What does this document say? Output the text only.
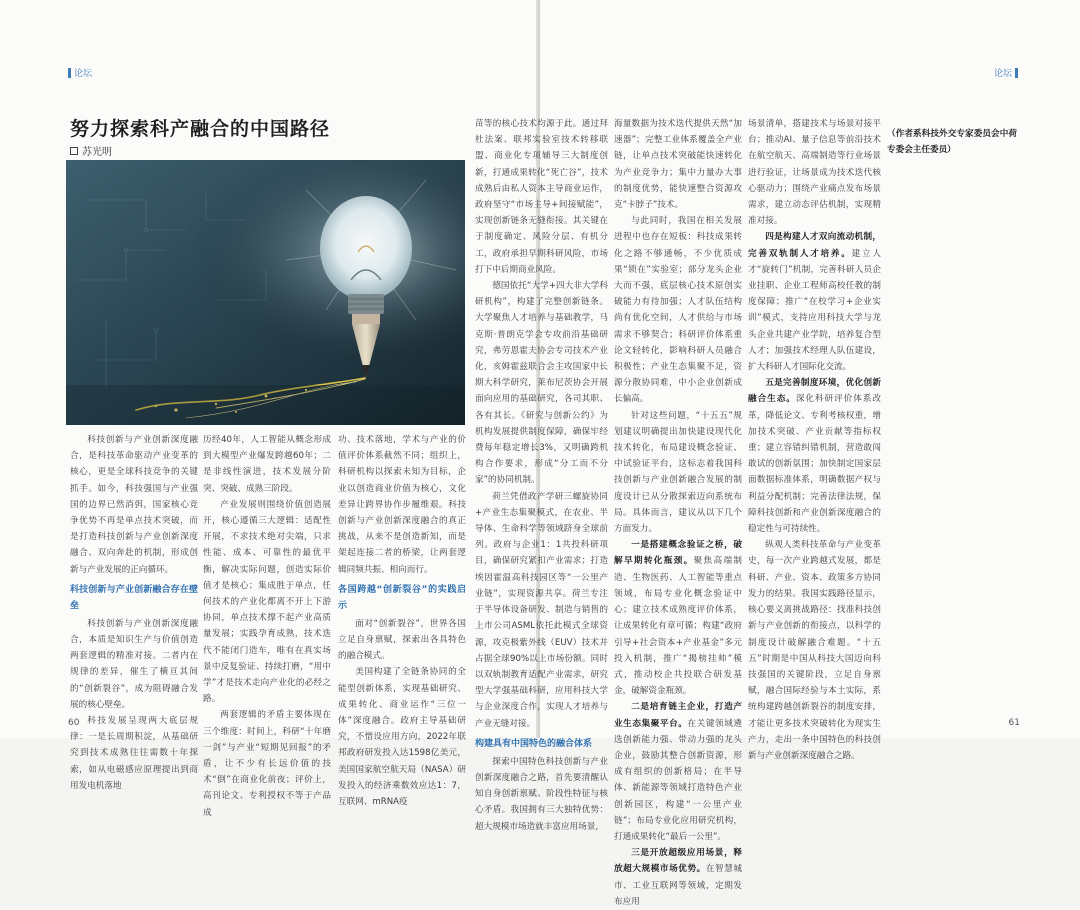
论坛
努力探索科产融合的中国路径
苏光明

科技创新与产业创新深度融合，是科技革命驱动产业变革的核心，更是全球科技竞争的关键抓手。如今，科技强国与产业强国的边界已然消弭，国家核心竞争优势不再是单点技术突破，而是打造科技创新与产业创新深度融合、双向奔赴的机制，形成创新与产业发展的正向循环。

科技创新与产业创新融合存在壁垒

科技创新与产业创新深度融合，本质是知识生产与价值创造两套逻辑的精准对接。二者内在规律的差异，催生了横亘其间的“创新裂谷”，成为阻碍融合发展的核心壁垒。

科技发展呈现两大底层规律：一是长周期积淀，从基础研究到技术成熟往往需数十年探索，如从电磁感应原理提出到商用发电机落地

历经40年，人工智能从概念形成到大模型产业爆发跨越60年；二是非线性演进，技术发展分阶突、突破、成熟三阶段。

产业发展则围绕价值创造展开，核心遵循三大逻辑：适配性开展，不求技术绝对尖端，只求性能、成本、可靠性的最优平衡，解决实际问题，创造实际价值才是核心；集成胜于单点，任何技术的产业化都离不开上下游协同，单点技术撑不起产业高质量发展；实践孕育成熟，技术迭代不能闭门造车，唯有在真实场景中反复验证、持续打磨，“用中学”才是技术走向产业化的必经之路。

两套逻辑的矛盾主要体现在三个维度：时间上，科研“十年磨一剑”与产业“短期见回报”的矛盾，让不少有长远价值的技术“倒”在商业化前夜；评价上，高刊论文、专利授权不等于产品成

功、技术落地，学术与产业的价值评价体系截然不同；组织上，科研机构以探索未知为目标，企业以创造商业价值为核心，文化差异让跨界协作步履维艰。科技创新与产业创新深度融合的真正挑战，从来不是创造新知，而是架起连接二者的桥梁，让两套逻辑同频共振、相向而行。

各国跨越“创新裂谷”的实践启示

面对“创新裂谷”，世界各国立足自身禀赋，探索出各具特色的融合模式。

美国构建了全链条协同的全能型创新体系，实现基础研究、成果转化、商业运作“三位一体”深度融合。政府主导基础研究，不惜设应用方向，2022年联邦政府研发投入达1598亿美元，美国国家航空航天局（NASA）研发投入的经济乘数效应达1：7，互联网、mRNA疫

60
论坛
61

苗等的核心技术均源于此。通过拜杜法案、联邦实验室技术转移联盟、商业化专项辅导三大制度创新，打通成果转化“死亡谷”，技术成熟后由私人资本主导商业运作，政府坚守“市场主导+间接赋能”，实现创新链条无缝衔接。其关键在于制度确定、风险分层、有机分工，政府承担早期科研风险，市场打下中后期商业风险。

德国依托“大学+四大非大学科研机构”，构建了完整创新链条。大学聚焦人才培养与基础教学，马克斯·普朗克学会专攻前沿基础研究，弗劳恩霍夫协会专司技术产业化，亥姆霍兹联合会主攻国家中长期大科学研究，莱布尼茨协会开展面向应用的基础研究，各司其职、各有其长。《研究与创新公约》为机构发展提供制度保障，确保牢经费每年稳定增长3%，又明确跨机构合作要求，形成“分工而不分家”的协同机制。

荷兰凭借政产学研三螺旋协同+产业生态集聚模式，在农业、半导体、生命科学等领域跻身全球前列。政府与企业1：1共投科研项目，确保研究紧扣产业需求；打造埃因霍温高科技园区等“一公里产业链”，实现资源共享。荷兰专注于半导体设备研发、制造与销售的上市公司ASML依托此模式全球资源，攻克极紫外线（EUV）技术并占据全球90%以上市场份额。同时以双轨制教育适配产业需求，研究型大学强基础科研，应用科技大学与企业深度合作，实现人才培养与产业无缝对接。

构建具有中国特色的融合体系

探索中国特色科技创新与产业创新深度融合之路，首先要清醒认知自身创新禀赋、阶段性特征与核心矛盾。我国拥有三大独特优势：超大规模市场造就丰富应用场景，

海量数据为技术迭代提供天然“加速器”；完整工业体系覆盖全产业链，让单点技术突破能快速转化为产业竞争力；集中力量办大事的制度优势，能快速整合资源攻克“卡脖子”技术。

与此同时，我国在相关发展进程中也存在短板：科技成果转化之路不够通畅，不少优质成果“锁在”实验室；部分龙头企业大而不强，底层核心技术原创实破能力有待加强；人才队伍结构尚有优化空间，人才供给与市场需求不够契合；科研评价体系重论文轻转化，影响科研人员融合积极性；产业生态集聚不足，资源分散协同难，中小企业创新成长偏高。

针对这些问题，“十五五”规划建议明确提出加快建设现代化技术转化，布局建设概念验证、中试验证平台，这标志着我国科技创新与产业创新融合发展的制度设计已从分散探索迈向系统布局。具体而言，建议从以下几个方面发力。

一是搭建概念验证之桥，破解早期转化瓶颈。聚焦高端制造、生物医药、人工智能等重点领域，布局专业化概念验证中心；建立技术成熟度评价体系，让成果转化有章可循；构建“政府引导+社会资本+产业基金”多元投入机制，推广“揭榜挂帅”模式，推动校企共投联合研发基金，破解资金瓶颈。

二是培育链主企业，打造产业生态集聚平台。在关键领域遴选创新能力强、带动力强的龙头企业，鼓励其整合创新资源，形成有组织的创新格局；在半导体、新能源等领域打造特色产业创新园区，构建“一公里产业链”；布局专业化应用研究机构，打通成果转化“最后一公里”。

三是开放超级应用场景，释放超大规模市场优势。在智慧城市、工业互联网等领域，定期发布应用

场景清单，搭建技术与场景对接平台；推动AI、量子信息等前沿技术在航空航天、高端制造等行业场景进行验证，让场景成为技术迭代核心驱动力；围绕产业痛点发布场景需求，建立动态评估机制，实现精准对接。

四是构建人才双向流动机制，完善双轨制人才培养。建立人才“旋转门”机制，完善科研人员企业挂职、企业工程师高校任教的制度保障；推广“在校学习+企业实训”模式，支持应用科技大学与龙头企业共建产业学院，培养复合型人才；加强技术经理人队伍建设，扩大科研人才国际化交流。

五是完善制度环境，优化创新融合生态。深化科研评价体系改革，降低论文、专利考核权重，增加技术突破、产业贡献等指标权重；建立容错纠错机制，营造敢闯敢试的创新氛围；加快制定国家层面数据标准体系，明确数据产权与利益分配机制；完善法律法规，保障科技创新和产业创新深度融合的稳定性与可持续性。

纵观人类科技革命与产业变革史，每一次产业跨越式发展，都是科研、产业、资本、政策多方协同发力的结果。我国实践路径显示，核心要义离挑战路径：找准科技创新与产业创新的衔接点，以科学的制度设计破解融合难题。“十五五”时期是中国从科技大国迈向科技强国的关键阶段，立足自身禀赋，融合国际经验与本土实际，系统构建跨越创新裂谷的制度安排，才能让更多技术突破转化为现实生产力，走出一条中国特色的科技创新与产业创新深度融合之路。

（作者系科技外交专家委员会中荷专委会主任委员）
